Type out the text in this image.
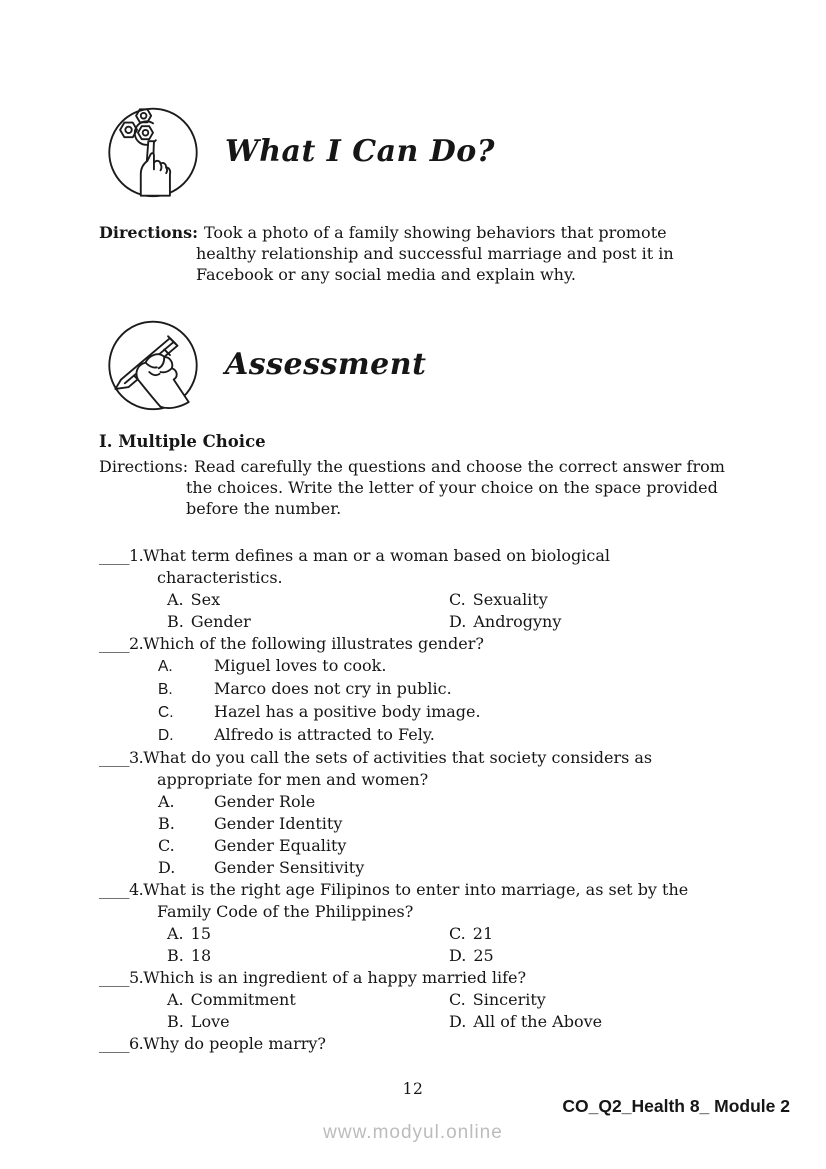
What I Can Do?
Directions: Took a photo of a family showing behaviors that promote
healthy relationship and successful marriage and post it in
Facebook or any social media and explain why.
Assessment
I. Multiple Choice
Directions: Read carefully the questions and choose the correct answer from
the choices. Write the letter of your choice on the space provided
before the number.
____1.What term defines a man or a woman based on biological
characteristics.
A. Sex	C. Sexuality
B. Gender	D. Androgyny
____2.Which of the following illustrates gender?
A.	Miguel loves to cook.
B.	Marco does not cry in public.
C.	Hazel has a positive body image.
D.	Alfredo is attracted to Fely.
____3.What do you call the sets of activities that society considers as
appropriate for men and women?
A. Gender Role
B. Gender Identity
C. Gender Equality
D. Gender Sensitivity
____4.What is the right age Filipinos to enter into marriage, as set by the
Family Code of the Philippines?
A. 15	C. 21
B. 18	D. 25
____5.Which is an ingredient of a happy married life?
A. Commitment	C. Sincerity
B. Love	D. All of the Above
____6.Why do people marry?
12
CO_Q2_Health 8_ Module 2
www.modyul.online
